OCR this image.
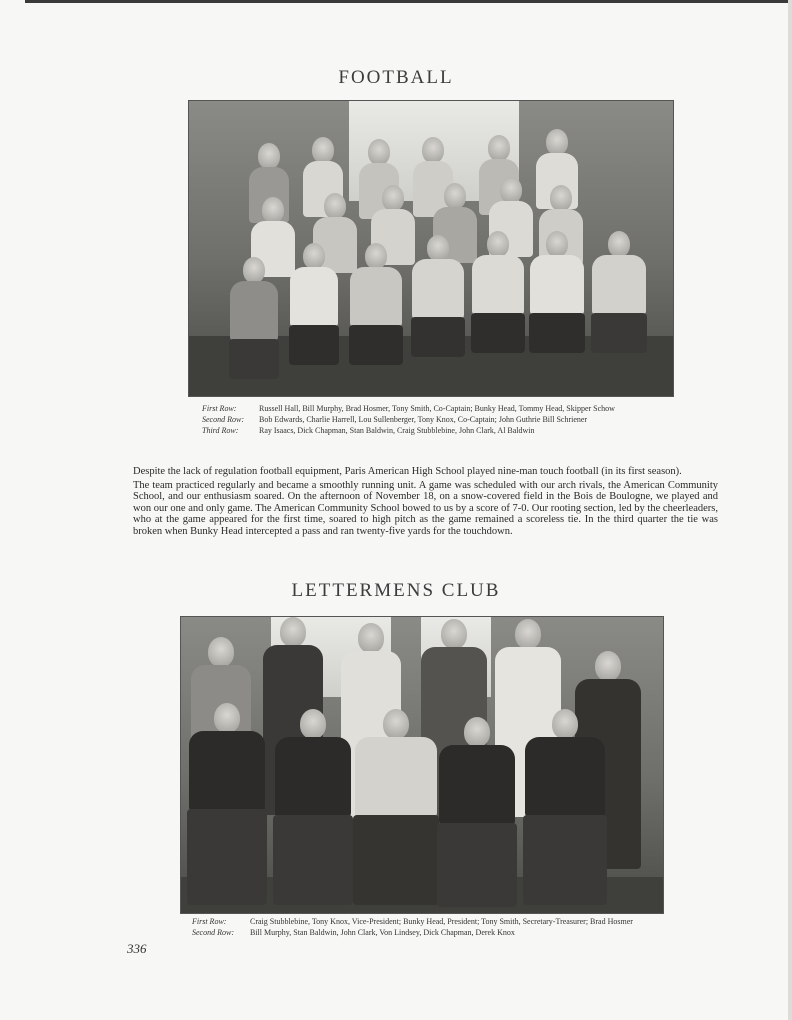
FOOTBALL
First Row:	Russell Hall, Bill Murphy, Brad Hosmer, Tony Smith, Co-Captain; Bunky Head, Tommy Head, Skipper Schow
Second Row:	Bob Edwards, Charlie Harrell, Lou Sullenberger, Tony Knox, Co-Captain; John Guthrie Bill Schriener
Third Row:	Ray Isaacs, Dick Chapman, Stan Baldwin, Craig Stubblebine, John Clark, Al Baldwin

Despite the lack of regulation football equipment, Paris American High School played nine-man touch football (in its first season).

The team practiced regularly and became a smoothly running unit. A game was scheduled with our arch rivals, the American Community School, and our enthusiasm soared. On the afternoon of November 18, on a snow-covered field in the Bois de Boulogne, we played and won our one and only game. The American Community School bowed to us by a score of 7-0. Our rooting section, led by the cheerleaders, who at the game appeared for the first time, soared to high pitch as the game remained a scoreless tie. In the third quarter the tie was broken when Bunky Head intercepted a pass and ran twenty-five yards for the touchdown.

LETTERMENS CLUB
First Row:	Craig Stubblebine, Tony Knox, Vice-President; Bunky Head, President; Tony Smith, Secretary-Treasurer; Brad Hosmer
Second Row:	Bill Murphy, Stan Baldwin, John Clark, Von Lindsey, Dick Chapman, Derek Knox
336
